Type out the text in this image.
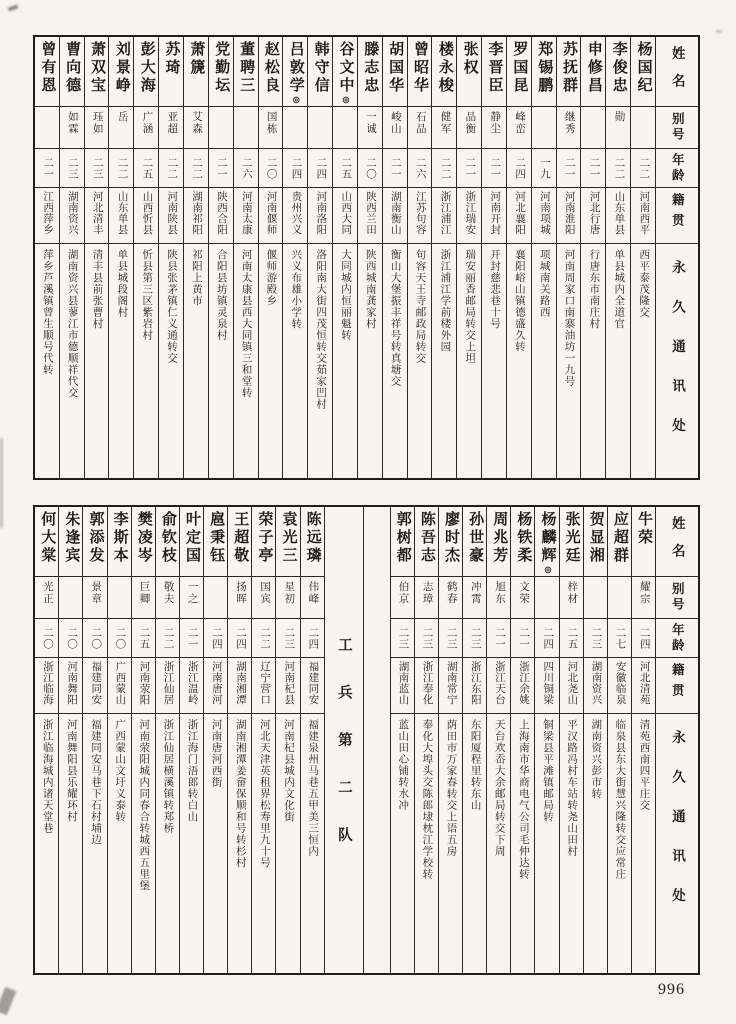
姓名
别号
年龄
籍贯
永久通讯处
杨国纪
二二
河南西平
西平泰茂隆交
李俊忠
勋
二二
山东单县
单县城内全道官
申修昌
二一
河北行唐
行唐东市南庄村
苏抚群
继秀
二一
河南淮阳
河南周家口南寨油坊一九号
郑锡鹏
一九
河南项城
项城南关路西
罗国昆
峰峦
二四
河北襄阳
襄阳峪山镇德盛久转
李晋臣
静尘
二一
河南开封
开封慈悲巷十号
张权
品衡
二一
浙江瑞安
瑞安丽香邮局转交上坦
楼永梭
健军
二二
浙江浦江
浙江浦江学前楼外园
曾昭华
石品
二六
江苏句容
句容天王寺邮政局转交
胡国华
峻山
二一
湖南衡山
衡山大堡振丰祥号转真塘交
滕志忠
一诚
二〇
陕西兰田
陕西城南龚家村
谷文中◎
二五
山西大同
大同城内恒丽魁转
韩守信
二四
河南洛阳
洛阳南大街四茂恒转交茹家凹村
吕敦学◎
二四
贵州兴义
兴义布雄小学转
赵松良
国栋
二〇
河南偃师
偃师游殿乡
董聘三
二六
河南太康
河南太康县西大同镇三和堂转
党勤坛
二一
陕西合阳
合阳县坊镇灵泉村
萧篪
艾森
二二
湖南祁阳
祁阳上黄市
苏琦
亚超
二二
河南陕县
陕县张茅镇仁义通转交
彭大海
广涵
二五
山西忻县
忻县第三区紫岩村
刘景峥
岳
二二
山东单县
单县城段阁村
萧双宝
珏如
二三
河北清丰
清丰县前张曹村
曹向德
如霖
二三
湖南资兴
湖南资兴县蓼江市德顺祥代交
曾有恩
二一
江西萍乡
萍乡芦溪镇曾生顺号代转
姓名
别号
年龄
籍贯
永久通讯处
牛荣
耀宗
二四
河北清苑
清苑西南四平庄交
应超群
二七
安徽临泉
临泉县东大街慧兴隆转交应常庄
贺显湘
二三
湖南资兴
湖南资兴彭市转
张光廷
梓材
二五
河北尧山
平汉路冯村车站转尧山田村
杨麟辉◎
二四
四川铜梁
铜梁县平滩镇邮局转
杨铁柔
文荣
二一
浙江余姚
上海南市华商电气公司毛仲达转
周兆芳
旭东
二一
浙江天台
天台欢岙大余邮局转交下周
孙世豪
冲霄
二三
浙江东阳
东阳厦程里转东山
廖时杰
鹤春
二三
湖南常宁
荫田市万家春转交上语五房
陈吾志
志璋
二三
浙江奉化
奉化大埠头交陈郎埭枕江学校转
郭树都
伯京
二三
湖南蓝山
蓝山田心铺转水冲
工兵第二队
陈远璘
伟峰
二四
福建同安
福建泉州马巷五甲美三恒内
袁光三
星初
二三
河南杞县
河南杞县城内文化街
荣子亭
国宾
二二
辽宁营口
河北天津英租界松寿里九十号
王超敬
扬晖
二四
湖南湘潭
湖南湘潭姜畲保顺和号转杉村
扈秉钰
二四
河南唐河
河南唐河西街
叶定国
一之
二一
浙江温岭
浙江海门浯郎转白山
俞钦枝
敬夫
二二
浙江仙居
浙江仙居横溪镇转郑桥
樊凌岑
巨卿
二五
河南荥阳
河南荥阳城内同春合转城西五里堡
李斯本
二〇
广西蒙山
广西蒙山文圩义泰转
郭添发
景章
二〇
福建同安
福建同安马巷下石村埔边
朱逢宾
二〇
河南舞阳
河南舞阳县乐耀环村
何大棠
光正
二〇
浙江临海
浙江临海城内诸天堂巷
996
